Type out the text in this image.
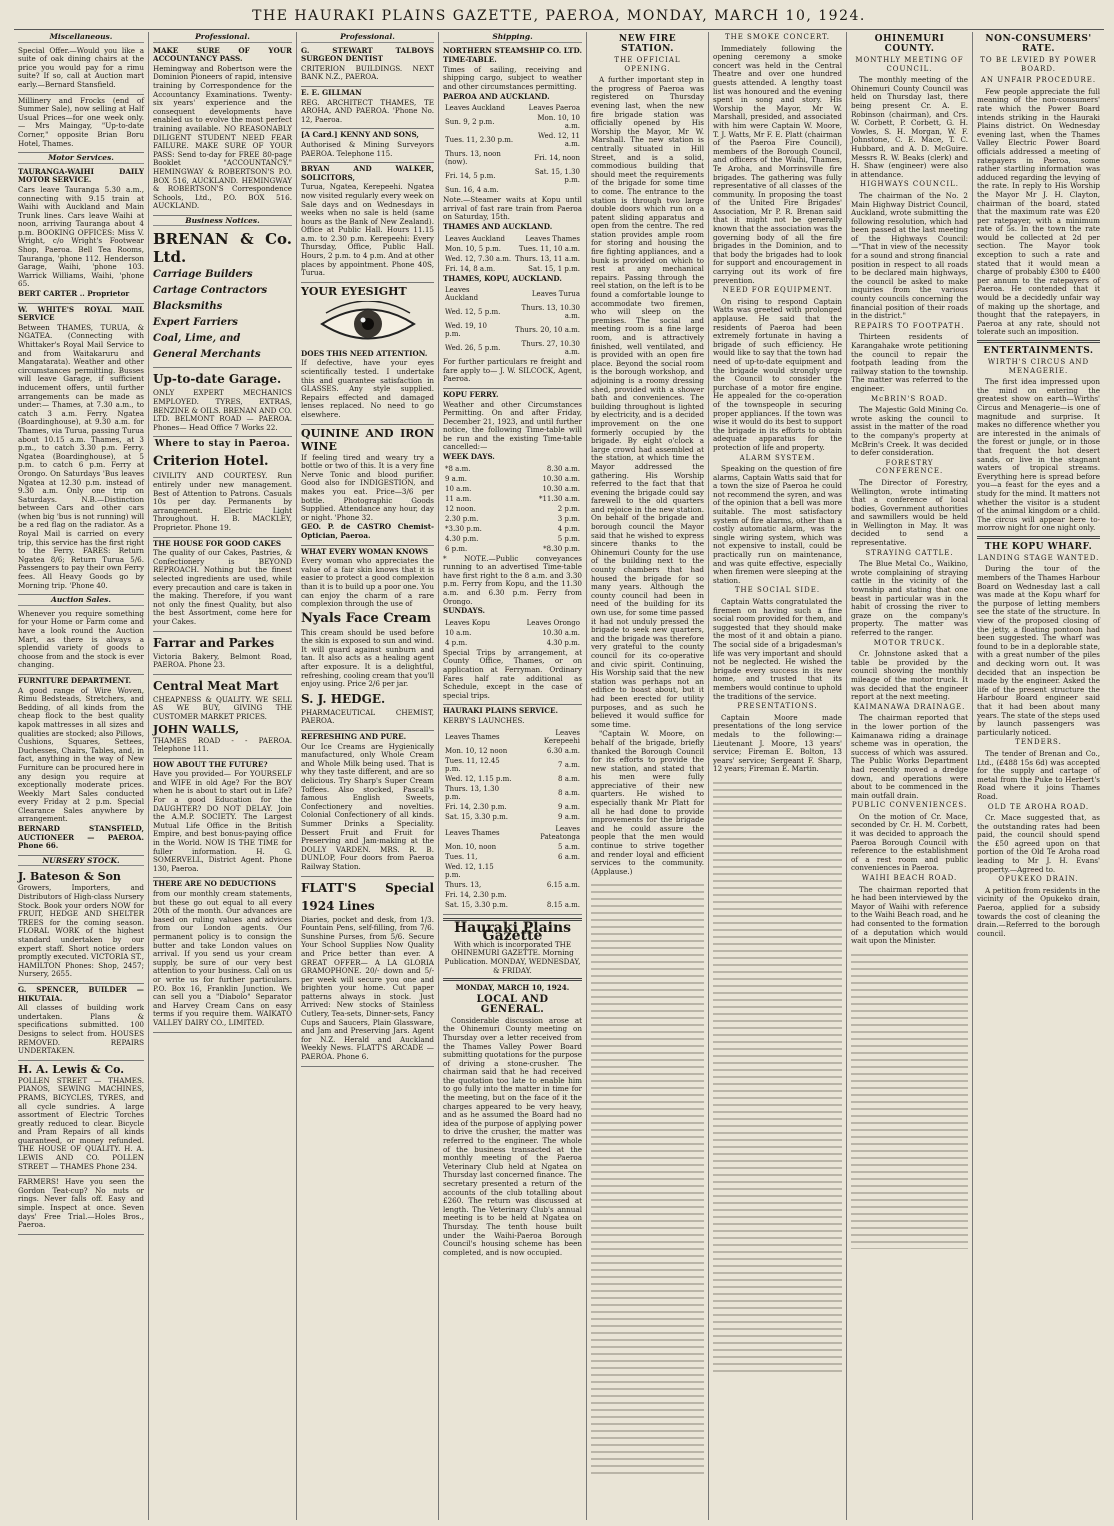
THE HAURAKI PLAINS GAZETTE, PAEROA, MONDAY, MARCH 10, 1924.
Miscellaneous.

Special Offer.—Would you like a suite of oak dining chairs at the price you would pay for a rimu suite? If so, call at Auction mart early.—Bernard Stansfield.

Millinery and Frocks (end of Summer Sale), now selling at Half Usual Prices—for one week only.— Mrs Maingay, "Up-to-date Corner," opposite Brian Boru Hotel, Thames.

Motor Services.

TAURANGA-WAIHI DAILY MOTOR SERVICE.

Cars leave Tauranga 5.30 a.m., connecting with 9.15 train at Waihi with Auckland and Main Trunk lines. Cars leave Waihi at noon, arriving Tauranga about 4 p.m. BOOKING OFFICES: Miss V. Wright, c/o Wright's Footwear Shop, Paeroa. Bell Tea Rooms, Tauranga, 'phone 112. Henderson Garage, Waihi, 'phone 103. Warrick Williams, Waihi, 'phone 65.

BERT CARTER .. Proprietor

W. WHITE'S ROYAL MAIL SERVICE

Between THAMES, TURUA, & NGATEA. (Connecting with Whittaker's Royal Mail Service to and from Waitakaruru and Mangatarata). Weather and other circumstances permitting. Busses will leave Garage, if sufficient inducement offers, until further arrangements can be made as under:— Thames, at 7.30 a.m., to catch 3 a.m. Ferry. Ngatea (Boardinghouse), at 9.30 a.m. for Thames, via Turua, passing Turua about 10.15 a.m. Thames, at 3 p.m., to catch 3.30 p.m. Ferry. Ngatea (Boardinghouse), at 5 p.m. to catch 6 p.m. Ferry at Orongo. On Saturdays 'Bus leaves Ngatea at 12.30 p.m. instead of 9.30 a.m. Only one trip on Saturdays. N.B.—Distinction between Cars and other cars (when big 'bus is not running) will be a red flag on the radiator. As a Royal Mail is carried on every trip, this service has the first right to the Ferry. FARES: Return Ngatea 8/6; Return Turua 5/6. Passengers to pay their own Ferry fees. All Heavy Goods go by Morning trip. 'Phone 40.

Auction Sales.

Whenever you require something for your Home or Farm come and have a look round the Auction Mart, as there is always a splendid variety of goods to choose from and the stock is ever changing.

FURNITURE DEPARTMENT.

A good range of Wire Woven, Rimu Bedsteads, Stretchers, and Bedding, of all kinds from the cheap flock to the best quality kapok mattresses in all sizes and qualities are stocked; also Pillows, Cushions, Squares, Settees, Duchesses, Chairs, Tables, and, in fact, anything in the way of New Furniture can be procured here in any design you require at exceptionally moderate prices. Weekly Mart Sales conducted every Friday at 2 p.m. Special Clearance Sales anywhere by arrangement.

BERNARD STANSFIELD, AUCTIONEER — PAEROA. Phone 66.

NURSERY STOCK.

J. Bateson & Son

Growers, Importers, and Distributors of High-class Nursery Stock. Book your orders NOW for FRUIT, HEDGE AND SHELTER TREES for the coming season. FLORAL WORK of the highest standard undertaken by our expert staff. Short notice orders promptly executed. VICTORIA ST., HAMILTON Phones: Shop, 2457; Nursery, 2655.

G. SPENCER, BUILDER — HIKUTAIA.

All classes of building work undertaken. Plans & specifications submitted. 100 Designs to select from. HOUSES REMOVED. REPAIRS UNDERTAKEN.

H. A. Lewis & Co.

POLLEN STREET — THAMES. PIANOS, SEWING MACHINES, PRAMS, BICYCLES, TYRES, and all cycle sundries. A large assortment of Electric Torches greatly reduced to clear. Bicycle and Pram Repairs of all kinds guaranteed, or money refunded. THE HOUSE OF QUALITY. H. A. LEWIS AND CO. POLLEN STREET — THAMES Phone 234.

FARMERS! Have you seen the Gordon Teat-cup? No nuts or rings. Never falls off. Easy and simple. Inspect at once. Seven days' Free Trial.—Holes Bros., Paeroa.

Professional.

MAKE SURE OF YOUR ACCOUNTANCY PASS.

Hemingway and Robertson were the Dominion Pioneers of rapid, intensive training by Correspondence for the Accountancy Examinations. Twenty-six years' experience and the consequent developments have enabled us to evolve the most perfect training available. NO REASONABLY DILIGENT STUDENT NEED FEAR FAILURE. MAKE SURE OF YOUR PASS: Send to-day for FREE 80-page Booklet "ACCOUNTANCY." HEMINGWAY & ROBERTSON'S P.O. BOX 516, AUCKLAND. HEMINGWAY & ROBERTSON'S Correspondence Schools, Ltd., P.O. BOX 516. AUCKLAND.

Business Notices.

BRENAN & Co. Ltd.

Carriage Builders
Cartage Contractors
Blacksmiths
Expert Farriers
Coal, Lime, and
General Merchants

Up-to-date Garage.

ONLY EXPERT MECHANICS EMPLOYED. TYRES, EXTRAS, BENZINE & OILS. BRENAN AND CO. LTD. BELMONT ROAD — PAEROA. Phones— Head Office 7 Works 22.

Where to stay in Paeroa.

Criterion Hotel.

CIVILITY AND COURTESY. Run entirely under new management. Best of Attention to Patrons. Casuals 10s per day. Permanents by arrangement. Electric Light Throughout. H. B. MACKLEY, Proprietor. Phone 19.

THE HOUSE FOR GOOD CAKES

The quality of our Cakes, Pastries, & Confectionery is BEYOND REPROACH. Nothing but the finest selected ingredients are used, while every precaution and care is taken in the making. Therefore, if you want not only the finest Quality, but also the best Assortment, come here for your Cakes.

Farrar and Parkes

Victoria Bakery, Belmont Road, PAEROA. Phone 23.

Central Meat Mart

CHEAPNESS & QUALITY. WE SELL AS WE BUY, GIVING THE CUSTOMER MARKET PRICES.

JOHN WALLS,

THAMES ROAD - - PAEROA. Telephone 111.

HOW ABOUT THE FUTURE?

Have you provided— For YOURSELF and WIFE in old Age? For the BOY when he is about to start out in Life? For a good Education for the DAUGHTER? DO NOT DELAY. Join the A.M.P. SOCIETY. The Largest Mutual Life Office in the British Empire, and best bonus-paying office in the World. NOW IS THE TIME for fuller information. H. G. SOMERVELL, District Agent. Phone 130, Paeroa.

THERE ARE NO DEDUCTIONS

from our monthly cream statements, but these go out equal to all every 20th of the month. Our advances are based on ruling values and advices from our London agents. Our permanent policy is to consign the butter and take London values on arrival. If you send us your cream supply, be sure of our very best attention to your business. Call on us or write us for further particulars. P.O. Box 16, Franklin Junction. We can sell you a "Diabolo" Separator and Harvey Cream Cans on easy terms if you require them. WAIKATO VALLEY DAIRY CO., LIMITED.

Professional.

G. STEWART TALBOYS SURGEON DENTIST

CRITERION BUILDINGS. NEXT BANK N.Z., PAEROA.

E. E. GILLMAN

REG. ARCHITECT THAMES, TE AROHA, AND PAEROA. 'Phone No. 12, Paeroa.

[A Card.] KENNY AND SONS,

Authorised & Mining Surveyors PAEROA. Telephone 115.

BRYAN AND WALKER, SOLICITORS,

Turua, Ngatea, Kerepeehi. Ngatea now visited regularly every week on Sale days and on Wednesdays in weeks when no sale is held (same hours as the Bank of New Zealand). Office at Public Hall. Hours 11.15 a.m. to 2.30 p.m. Kerepeehi: Every Thursday, Office, Public Hall. Hours, 2 p.m. to 4 p.m. And at other places by appointment. Phone 40S, Turua.

YOUR EYESIGHT

DOES THIS NEED ATTENTION.

If defective, have your eyes scientifically tested. I undertake this and guarantee satisfaction in GLASSES. Any style supplied. Repairs effected and damaged lenses replaced. No need to go elsewhere.

QUININE AND IRON WINE

If feeling tired and weary try a bottle or two of this. It is a very fine Nerve Tonic and blood purifier. Good also for INDIGESTION, and makes you eat. Price—3/6 per bottle. Photographic Goods Supplied. Attendance any hour, day or night. 'Phone 32.

GEO. P. de CASTRO Chemist-Optician, Paeroa.

WHAT EVERY WOMAN KNOWS

Every woman who appreciates the value of a fair skin knows that it is easier to protect a good complexion than it is to build up a poor one. You can enjoy the charm of a rare complexion through the use of

Nyals Face Cream

This cream should be used before the skin is exposed to sun and wind. It will guard against sunburn and tan. It also acts as a healing agent after exposure. It is a delightful, refreshing, cooling cream that you'll enjoy using. Price 2/6 per jar.

S. J. HEDGE.

PHARMACEUTICAL CHEMIST, PAEROA.

REFRESHING AND PURE.

Our Ice Creams are Hygienically manufactured, only Whole Cream and Whole Milk being used. That is why they taste different, and are so delicious. Try Sharp's Super Cream Toffees. Also stocked, Pascall's famous English Sweets, Confectionery and novelties. Colonial Confectionery of all kinds. Summer Drinks a Speciality. Dessert Fruit and Fruit for Preserving and Jam-making at the DOLLY VARDEN. MRS. R. B. DUNLOP, Four doors from Paeroa Railway Station.

FLATT'S Special 1924 Lines

Diaries, pocket and desk, from 1/3. Fountain Pens, self-filling, from 7/6. Sunshine Purses, from 5/6. Secure Your School Supplies Now Quality and Price better than ever. A GREAT OFFER— A LA GLORIA GRAMOPHONE. 20/- down and 5/- per week will secure you one and brighten your home. Cut paper patterns always in stock. Just Arrived: New stocks of Stainless Cutlery, Tea-sets, Dinner-sets, Fancy Cups and Saucers, Plain Glassware, and Jam and Preserving Jars. Agent for N.Z. Herald and Auckland Weekly News. FLATT'S ARCADE — PAEROA. Phone 6.

Shipping.

NORTHERN STEAMSHIP CO. LTD.

TIME-TABLE.

Times of sailing, receiving and shipping cargo, subject to weather and other circumstances permitting.

PAEROA AND AUCKLAND.

Leaves Auckland	Leaves Paeroa
Sun. 9, 2 p.m.	Mon. 10, 10 a.m.
Tues. 11, 2.30 p.m.	Wed. 12, 11 a.m.
Thurs. 13, noon (now).	Fri. 14, noon
Fri. 14, 5 p.m.	Sat. 15, 1.30 p.m.
Sun. 16, 4 a.m.	

Note.—Steamer waits at Kopu until arrival of fast rare train from Paeroa on Saturday, 15th.

THAMES AND AUCKLAND.

Leaves Auckland	Leaves Thames
Mon. 10, 5 p.m.	Tues. 11, 10 a.m.
Wed. 12, 7.30 a.m.	Thurs. 13, 11 a.m.
Fri. 14, 8 a.m.	Sat. 15, 1 p.m.

THAMES, KOPU, AUCKLAND.

Leaves Auckland	Leaves Turua
Wed. 12, 5 p.m.	Thurs. 13, 10.30 a.m.
Wed. 19, 10 p.m.	Thurs. 20, 10 a.m.
Wed. 26, 5 p.m.	Thurs. 27, 10.30 a.m.

For further particulars re freight and fare apply to— J. W. SILCOCK, Agent, Paeroa.

KOPU FERRY.

Weather and other Circumstances Permitting. On and after Friday, December 21, 1923, and until further notice, the following Time-table will be run and the existing Time-table cancelled:—

WEEK DAYS.

*8 a.m.	8.30 a.m.
9 a.m.	10.30 a.m.
10 a.m.	10.30 a.m.
11 a.m.	*11.30 a.m.
12 noon.	2 p.m.
2.30 p.m.	3 p.m.
*3.30 p.m.	4 p.m.
4.30 p.m.	5 p.m.
6 p.m.	*8.30 p.m.

* NOTE.—Public conveyances running to an advertised Time-table have first right to the 8 a.m. and 3.30 p.m. Ferry from Kopu, and the 11.30 a.m. and 6.30 p.m. Ferry from Orongo.

SUNDAYS.

Leaves Kopu	Leaves Orongo
10 a.m.	10.30 a.m.
4 p.m.	4.30 p.m.

Special Trips by arrangement, at County Office, Thames, or on application at Ferryman. Ordinary Fares half rate additional as Schedule, except in the case of special trips.

HAURAKI PLAINS SERVICE.

KERBY'S LAUNCHES.

Leaves Thames	Leaves Kerepeehi
Mon. 10, 12 noon	6.30 a.m.
Tues. 11, 12.45 p.m.	7 a.m.
Wed. 12, 1.15 p.m.	8 a.m.
Thurs. 13, 1.30 p.m.	8 a.m.
Fri. 14, 2.30 p.m.	9 a.m.
Sat. 15, 3.30 p.m.	9 a.m.
Leaves Thames	Leaves Pateatonga
Mon. 10, noon	5 a.m.
Tues. 11,	6 a.m.
Wed. 12, 1.15 p.m.	
Thurs. 13,	6.15 a.m.
Fri. 14, 2.30 p.m.	
Sat. 15, 3.30 p.m.	8.15 a.m.
Hauraki Plains Gazette

With which is incorporated THE OHINEMURI GAZETTE. Morning Publication. MONDAY, WEDNESDAY, & FRIDAY.

MONDAY, MARCH 10, 1924.

LOCAL AND GENERAL.

Considerable discussion arose at the Ohinemuri County meeting on Thursday over a letter received from the Thames Valley Power Board submitting quotations for the purpose of driving a stone-crusher. The chairman said that he had received the quotation too late to enable him to go fully into the matter in time for the meeting, but on the face of it the charges appeared to be very heavy, and as he assumed the Board had no idea of the purpose of applying power to drive the crusher, the matter was referred to the engineer. The whole of the business transacted at the monthly meeting of the Paeroa Veterinary Club held at Ngatea on Thursday last concerned finance. The secretary presented a return of the accounts of the club totalling about £260. The return was discussed at length. The Veterinary Club's annual meeting is to be held at Ngatea on Thursday. The tenth house built under the Waihi-Paeroa Borough Council's housing scheme has been completed, and is now occupied.

NEW FIRE STATION.
THE OFFICIAL OPENING.

A further important step in the progress of Paeroa was registered on Thursday evening last, when the new fire brigade station was officially opened by His Worship the Mayor, Mr W. Marshall. The new station is centrally situated in Hill Street, and is a solid, commodious building that should meet the requirements of the brigade for some time to come. The entrance to the station is through two large double doors which run on a patent sliding apparatus and open from the centre. The red station provides ample room for storing and housing the fire fighting appliances, and a bunk is provided on which to rest at any mechanical repairs. Passing through the reel station, on the left is to be found a comfortable lounge to accommodate two firemen, who will sleep on the premises. The social and meeting room is a fine large room, and is attractively finished, well ventilated, and is provided with an open fire place. Beyond the social room is the borough workshop, and adjoining is a roomy dressing shed, provided with a shower bath and conveniences. The building throughout is lighted by electricity, and is a decided improvement on the one formerly occupied by the brigade. By eight o'clock a large crowd had assembled at the station, at which time the Mayor addressed the gathering. His Worship referred to the fact that that evening the brigade could say farewell to the old quarters and rejoice in the new station. On behalf of the brigade and borough council the Mayor said that he wished to express sincere thanks to the Ohinemuri County for the use of the building next to the county chambers that had housed the brigade for so many years. Although the county council had been in need of the building for its own use, for some time passed it had not unduly pressed the brigade to seek new quarters, and the brigade was therefore very grateful to the county council for its co-operative and civic spirit. Continuing, His Worship said that the new station was perhaps not an edifice to boast about, but it had been erected for utility purposes, and as such he believed it would suffice for some time.

"Captain W. Moore, on behalf of the brigade, briefly thanked the Borough Council for its efforts to provide the new station, and stated that his men were fully appreciative of their new quarters. He wished to especially thank Mr Platt for all he had done to provide improvements for the brigade and he could assure the people that the men would continue to strive together and render loyal and efficient services to the community. (Applause.)

THE SMOKE CONCERT.

Immediately following the opening ceremony a smoke concert was held in the Central Theatre and over one hundred guests attended. A lengthy toast list was honoured and the evening spent in song and story. His Worship the Mayor, Mr W. Marshall, presided, and associated with him were Captain W. Moore, T. J. Watts, Mr F. E. Platt (chairman of the Paeroa Fire Council), members of the Borough Council, and officers of the Waihi, Thames, Te Aroha, and Morrinsville fire brigades. The gathering was fully representative of all classes of the community. In proposing the toast of the United Fire Brigades' Association, Mr P. R. Brenan said that it might not be generally known that the association was the governing body of all the fire brigades in the Dominion, and to that body the brigades had to look for support and encouragement in carrying out its work of fire prevention.

NEED FOR EQUIPMENT.

On rising to respond Captain Watts was greeted with prolonged applause. He said that the residents of Paeroa had been extremely fortunate in having a brigade of such efficiency. He would like to say that the town had need of up-to-date equipment and the brigade would strongly urge the Council to consider the purchase of a motor fire engine. He appealed for the co-operation of the townspeople in securing proper appliances. If the town was wise it would do its best to support the brigade in its efforts to obtain adequate apparatus for the protection of life and property.

ALARM SYSTEM.

Speaking on the question of fire alarms, Captain Watts said that for a town the size of Paeroa he could not recommend the syren, and was of the opinion that a bell was more suitable. The most satisfactory system of fire alarms, other than a costly automatic alarm, was the single wiring system, which was not expensive to install, could be practically run on maintenance, and was quite effective, especially when firemen were sleeping at the station.

THE SOCIAL SIDE.

Captain Watts congratulated the firemen on having such a fine social room provided for them, and suggested that they should make the most of it and obtain a piano. The social side of a brigadesman's life was very important and should not be neglected. He wished the brigade every success in its new home, and trusted that its members would continue to uphold the traditions of the service.

PRESENTATIONS.

Captain Moore made presentations of the long service medals to the following:—Lieutenant J. Moore, 13 years' service; Fireman E. Bolton, 13 years' service; Sergeant F. Sharp, 12 years; Fireman E. Martin.

OHINEMURI COUNTY.
MONTHLY MEETING OF COUNCIL.

The monthly meeting of the Ohinemuri County Council was held on Thursday last, there being present Cr. A. E. Robinson (chairman), and Crs. W. Corbett, P. Corbett, G. H. Vowles, S. H. Morgan, W. F. Johnstone, C. E. Mace, T. C. Hubbard, and A. D. McGuire. Messrs R. W. Beaks (clerk) and H. Shaw (engineer) were also in attendance.

HIGHWAYS COUNCIL.

The chairman of the No. 2 Main Highway District Council, Auckland, wrote submitting the following resolution, which had been passed at the last meeting of the Highways Council:—"That in view of the necessity for a sound and strong financial position in respect to all roads to be declared main highways, the council be asked to make inquiries from the various county councils concerning the financial position of their roads in the district."

REPAIRS TO FOOTPATH.

Thirteen residents of Karangahake wrote petitioning the council to repair the footpath leading from the railway station to the township. The matter was referred to the engineer.

McBRIN'S ROAD.

The Majestic Gold Mining Co. wrote asking the council to assist in the matter of the road to the company's property at McBrin's Creek. It was decided to defer consideration.

FORESTRY CONFERENCE.

The Director of Forestry, Wellington, wrote intimating that a conference of local bodies, Government authorities and sawmillers would be held in Wellington in May. It was decided to send a representative.

STRAYING CATTLE.

The Blue Metal Co., Waikino, wrote complaining of straying cattle in the vicinity of the township and stating that one beast in particular was in the habit of crossing the river to graze on the company's property. The matter was referred to the ranger.

MOTOR TRUCK.

Cr. Johnstone asked that a table be provided by the council showing the monthly mileage of the motor truck. It was decided that the engineer report at the next meeting.

KAIMANAWA DRAINAGE.

The chairman reported that in the lower portion of the Kaimanawa riding a drainage scheme was in operation, the success of which was assured. The Public Works Department had recently moved a dredge down, and operations were about to be commenced in the main outfall drain.

PUBLIC CONVENIENCES.

On the motion of Cr. Mace, seconded by Cr. H. M. Corbett, it was decided to approach the Paeroa Borough Council with reference to the establishment of a rest room and public conveniences in Paeroa.

WAIHI BEACH ROAD.

The chairman reported that he had been interviewed by the Mayor of Waihi with reference to the Waihi Beach road, and he had consented to the formation of a deputation which would wait upon the Minister.

NON-CONSUMERS' RATE.
TO BE LEVIED BY POWER BOARD.
AN UNFAIR PROCEDURE.

Few people appreciate the full meaning of the non-consumers' rate which the Power Board intends striking in the Hauraki Plains district. On Wednesday evening last, when the Thames Valley Electric Power Board officials addressed a meeting of ratepayers in Paeroa, some rather startling information was adduced regarding the levying of the rate. In reply to His Worship the Mayor Mr J. H. Clayton, chairman of the board, stated that the maximum rate was £20 per ratepayer, with a minimum rate of 5s. In the town the rate would be collected at 2d per section. The Mayor took exception to such a rate and stated that it would mean a charge of probably £300 to £400 per annum to the ratepayers of Paeroa. He contended that it would be a decidedly unfair way of making up the shortage, and thought that the ratepayers, in Paeroa at any rate, should not tolerate such an imposition.

ENTERTAINMENTS.
WIRTH'S CIRCUS AND MENAGERIE.

The first idea impressed upon the mind on entering the greatest show on earth—Wirths' Circus and Menagerie—is one of magnitude and surprise. It makes no difference whether you are interested in the animals of the forest or jungle, or in those that frequent the hot desert sands, or live in the stagnant waters of tropical streams. Everything here is spread before you—a feast for the eyes and a study for the mind. It matters not whether the visitor is a student of the animal kingdom or a child. The circus will appear here to-morrow night for one night only.

THE KOPU WHARF.
LANDING STAGE WANTED.

During the tour of the members of the Thames Harbour Board on Wednesday last a call was made at the Kopu wharf for the purpose of letting members see the state of the structure. In view of the proposed closing of the jetty, a floating pontoon had been suggested. The wharf was found to be in a deplorable state, with a great number of the piles and decking worn out. It was decided that an inspection be made by the engineer. Asked the life of the present structure the Harbour Board engineer said that it had been about many years. The state of the steps used by launch passengers was particularly noticed.

TENDERS.

The tender of Brenan and Co., Ltd., (£488 15s 6d) was accepted for the supply and cartage of metal from the Puke to Herbert's Road where it joins Thames Road.

OLD TE AROHA ROAD.

Cr. Mace suggested that, as the outstanding rates had been paid, the council should spend the £50 agreed upon on that portion of the Old Te Aroha road leading to Mr J. H. Evans' property.—Agreed to.

OPUKEKO DRAIN.

A petition from residents in the vicinity of the Opukeko drain, Paeroa, applied for a subsidy towards the cost of cleaning the drain.—Referred to the borough council.
